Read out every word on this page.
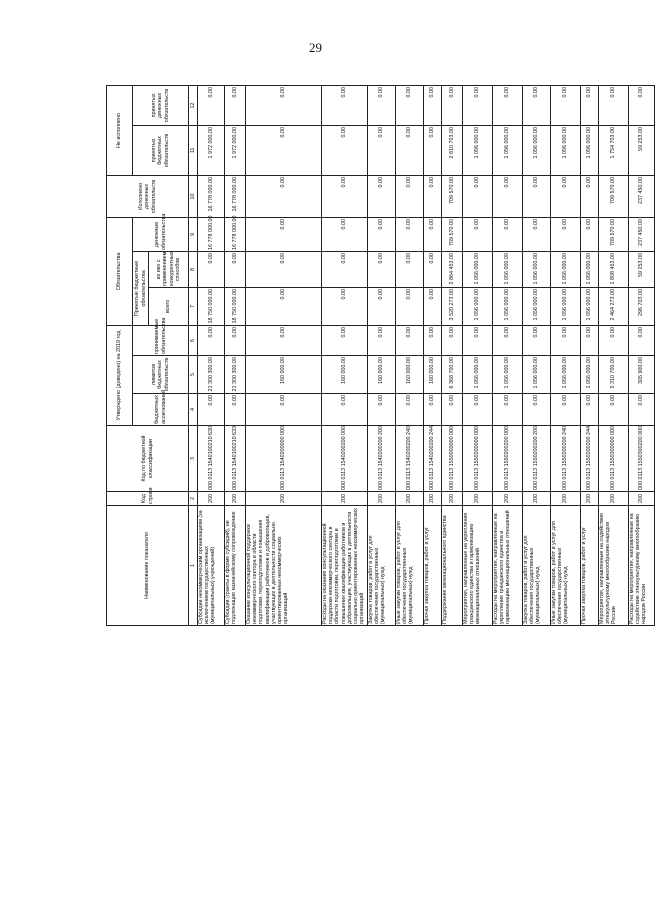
29
Наименование показателя	Код строки	Код по бюджетной классификации	Утверждено (доведено) на 2019 год			Обязательства			Исполнено денежных обязательств	Не исполнено	
			бюджетных ассигнований	лимитов бюджетных обязательств	принимаемые обязательства	Принятые бюджетные обязательства		денежные обязательства		принятых бюджетных обязательств	принятых денежных обязательств
						всего	из них с применением конкурентных способов				
1	2	3	4	5	6	7	8	9	10	11	12
Субсидии некоммерческим организациям (за исключением государственных (муниципальных) учреждений)	200	000 0113 1540100210 630	0.00	21 300 300.00	0.00	18 750 000.00	0.00	16 778 000.00	16 778 000.00	1 972 000.00	0.00
Субсидии (гранты в форме субсидий), не подлежащие казначейскому сопровождению	200	000 0113 1540100210 633	0.00	21 300 300.00	0.00	18 750 000.00	0.00	16 778 000.00	16 778 000.00	1 972 000.00	0.00
Оказание консультационной поддержки некоммерческого сектора в области подготовки, переподготовки и повышения квалификации работников и добровольцев, участвующих в деятельности социально ориентированных некоммерческих организаций	200	000 0113 1540200000 000	0.00	160 000.00	0.00	0.00	0.00	0.00	0.00	0.00	0.00
Расходы на оказание консультационной поддержки некоммерческого сектора в области подготовки, переподготовки и повышения квалификации работников и добровольцев, участвующих в деятельности социально ориентированных некоммерческих организаций	200	000 0113 1540200200 000	0.00	160 000.00	0.00	0.00	0.00	0.00	0.00	0.00	0.00
Закупка товаров, работ и услуг для обеспечения государственных (муниципальных) нужд	200	000 0113 1540200200 200	0.00	160 000.00	0.00	0.00	0.00	0.00	0.00	0.00	0.00
Иные закупки товаров, работ и услуг для обеспечения государственных (муниципальных) нужд	200	000 0113 1540200200 240	0.00	160 000.00	0.00	0.00	0.00	0.00	0.00	0.00	0.00
Прочая закупка товаров, работ и услуг	200	000 0113 1540200200 244	0.00	160 000.00	0.00	0.00	0.00	0.00	0.00	0.00	0.00
Поддержание межнационального единства	200	000 0113 1550000000 000	0.00	6 368 700.00	0.00	3 520 273.00	2 864 453.00	709 570.00	709 570.00	2 810 703.00	0.00
Мероприятия, направленные на укрепление гражданского единства и гармонизацию межнациональных отношений	200	000 0113 1550200000 000	0.00	1 056 000.00	0.00	1 056 000.00	1 056 000.00	0.00	0.00	1 056 000.00	0.00
Расходы на мероприятия, направленные на укрепление гражданского единства и гармонизацию межнациональных отношений	200	000 0113 1550200200 000	0.00	1 056 000.00	0.00	1 056 000.00	1 056 000.00	0.00	0.00	1 056 000.00	0.00
Закупка товаров, работ и услуг для обеспечения государственных (муниципальных) нужд	200	000 0113 1550200200 200	0.00	1 056 000.00	0.00	1 056 000.00	1 056 000.00	0.00	0.00	1 056 000.00	0.00
Иные закупки товаров, работ и услуг для обеспечения государственных (муниципальных) нужд	200	000 0113 1550200200 240	0.00	1 056 000.00	0.00	1 056 000.00	1 056 000.00	0.00	0.00	1 056 000.00	0.00
Прочая закупка товаров, работ и услуг	200	000 0113 1550200200 244	0.00	1 056 000.00	0.00	1 056 000.00	1 056 000.00	0.00	0.00	1 056 000.00	0.00
Мероприятия, направленные на содействие этнокультурному многообразию народов России	200	000 0113 1550300000 000	0.00	5 310 700.00	0.00	2 464 273.00	1 808 453.00	709 570.00	709 570.00	1 754 703.00	0.00
Расходы на мероприятия, направленные на содействие этнокультурному многообразию народов России	200	000 0113 1550300200 000	0.00	305 900.00	0.00	296 703.00	59 253.00	237 450.00	237 450.00	59 253.00	0.00
